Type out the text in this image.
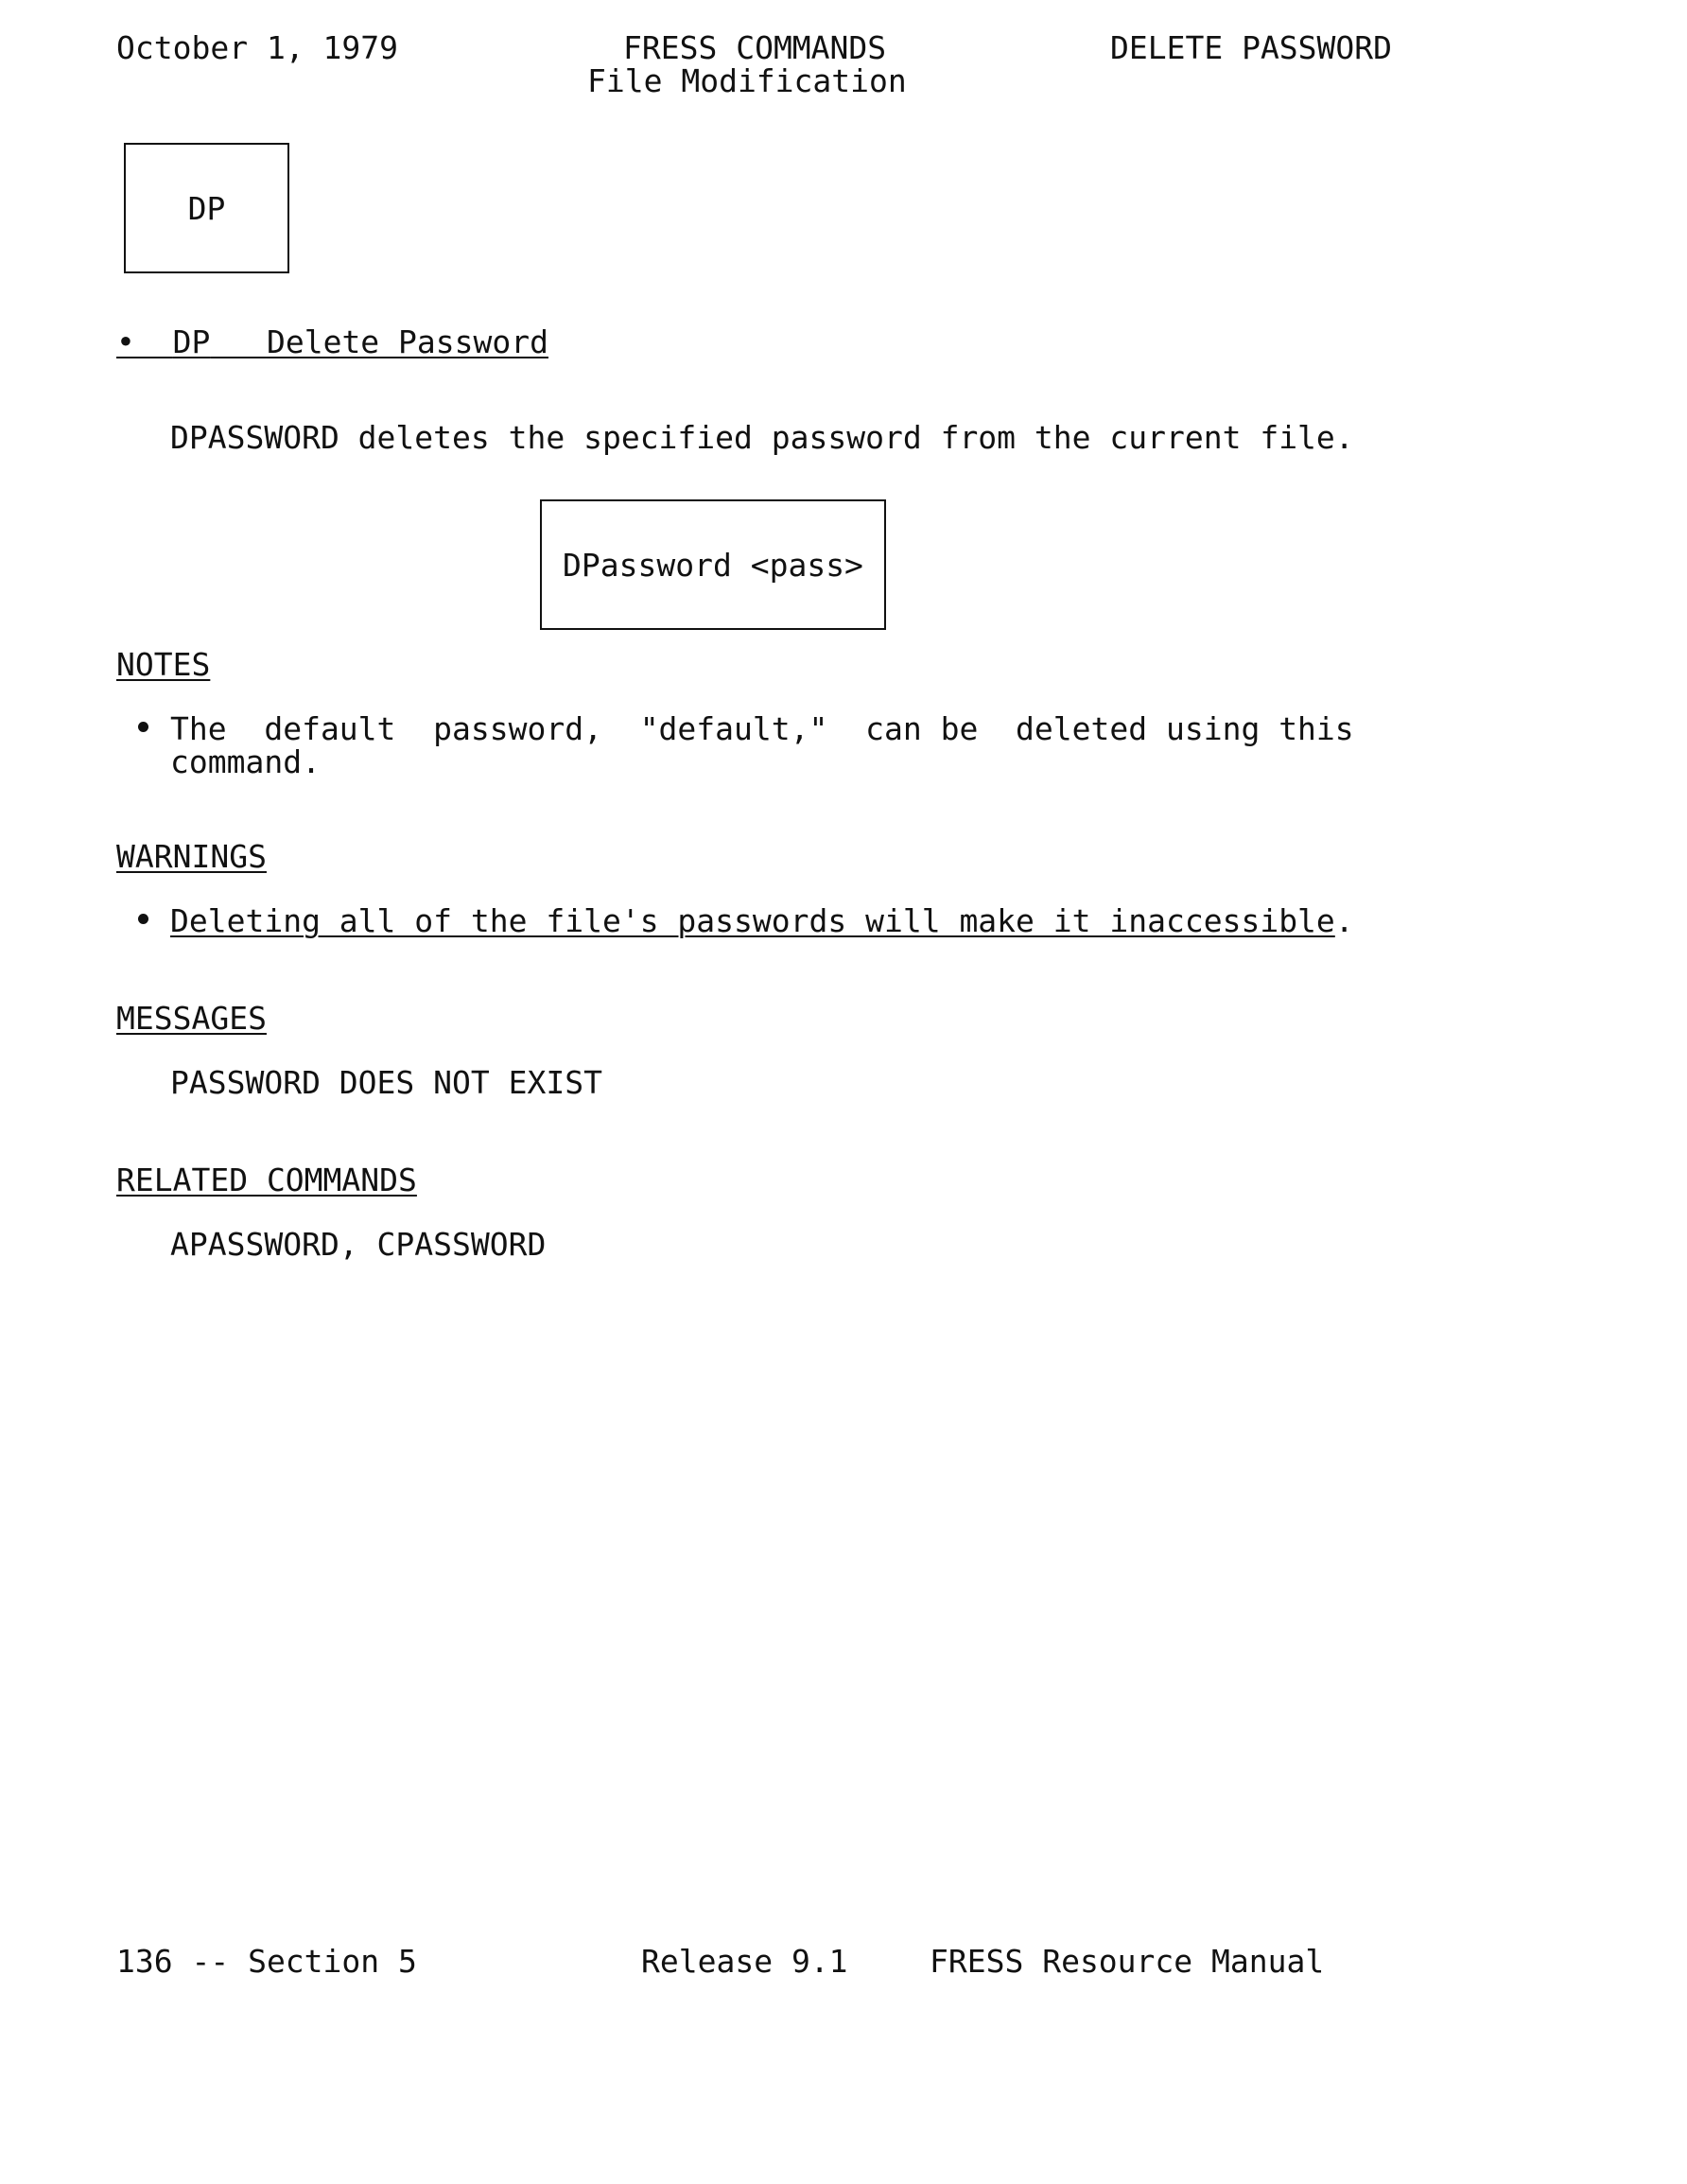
October 1, 1979	FRESS COMMANDS
File Modification
DELETE PASSWORD
DP
•  DP Delete Password
DPASSWORD deletes the specified password from the current file.
DPassword <pass>
NOTES
The  default  password,  "default,"  can be  deleted using this
command.
WARNINGS
Deleting all of the file's passwords will make it inaccessible.
MESSAGES
PASSWORD DOES NOT EXIST
RELATED COMMANDS
APASSWORD, CPASSWORD
136 -- Section 5	Release 9.1	FRESS Resource Manual
